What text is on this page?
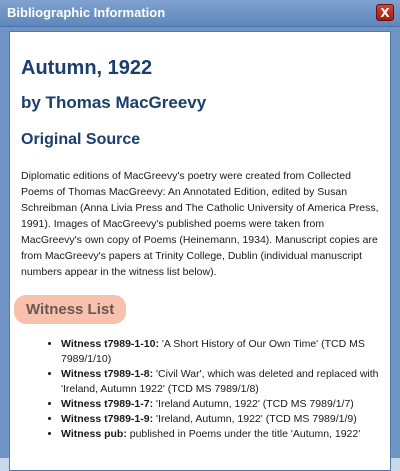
Bibliographic Information	X
Autumn, 1922
by Thomas MacGreevy
Original Source

Diplomatic editions of MacGreevy's poetry were created from Collected Poems of Thomas MacGreevy: An Annotated Edition, edited by Susan Schreibman (Anna Livia Press and The Catholic University of America Press, 1991). Images of MacGreevy's published poems were taken from MacGreevy's own copy of Poems (Heinemann, 1934). Manuscript copies are from MacGreevy's papers at Trinity College, Dublin (individual manuscript numbers appear in the witness list below).

Witness List
• Witness t7989-1-10: 'A Short History of Our Own Time' (TCD MS 7989/1/10)
• Witness t7989-1-8: 'Civil War', which was deleted and replaced with 'Ireland, Autumn 1922' (TCD MS 7989/1/8)
• Witness t7989-1-7: 'Ireland Autumn, 1922' (TCD MS 7989/1/7)
• Witness t7989-1-9: 'Ireland, Autumn, 1922' (TCD MS 7989/1/9)
• Witness pub: published in Poems under the title 'Autumn, 1922'
